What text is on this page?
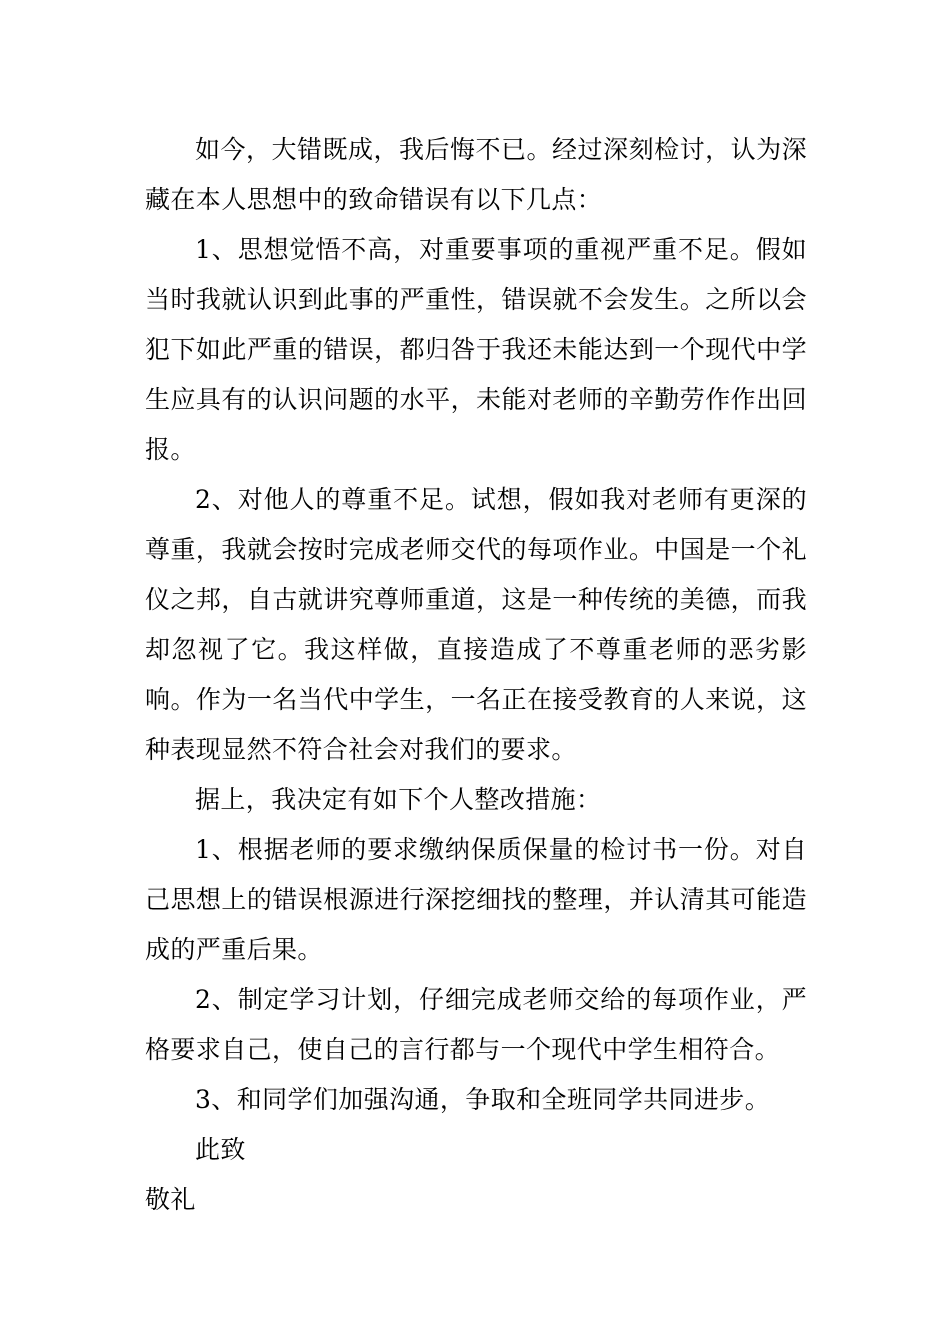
如今，大错既成，我后悔不已。经过深刻检讨，认为深藏在本人思想中的致命错误有以下几点：

1、思想觉悟不高，对重要事项的重视严重不足。假如当时我就认识到此事的严重性，错误就不会发生。之所以会犯下如此严重的错误，都归咎于我还未能达到一个现代中学生应具有的认识问题的水平，未能对老师的辛勤劳作作出回报。

2、对他人的尊重不足。试想，假如我对老师有更深的尊重，我就会按时完成老师交代的每项作业。中国是一个礼仪之邦，自古就讲究尊师重道，这是一种传统的美德，而我却忽视了它。我这样做，直接造成了不尊重老师的恶劣影响。作为一名当代中学生，一名正在接受教育的人来说，这种表现显然不符合社会对我们的要求。

据上，我决定有如下个人整改措施：

1、根据老师的要求缴纳保质保量的检讨书一份。对自己思想上的错误根源进行深挖细找的整理，并认清其可能造成的严重后果。

2、制定学习计划，仔细完成老师交给的每项作业，严格要求自己，使自己的言行都与一个现代中学生相符合。

3、和同学们加强沟通，争取和全班同学共同进步。

此致

敬礼
